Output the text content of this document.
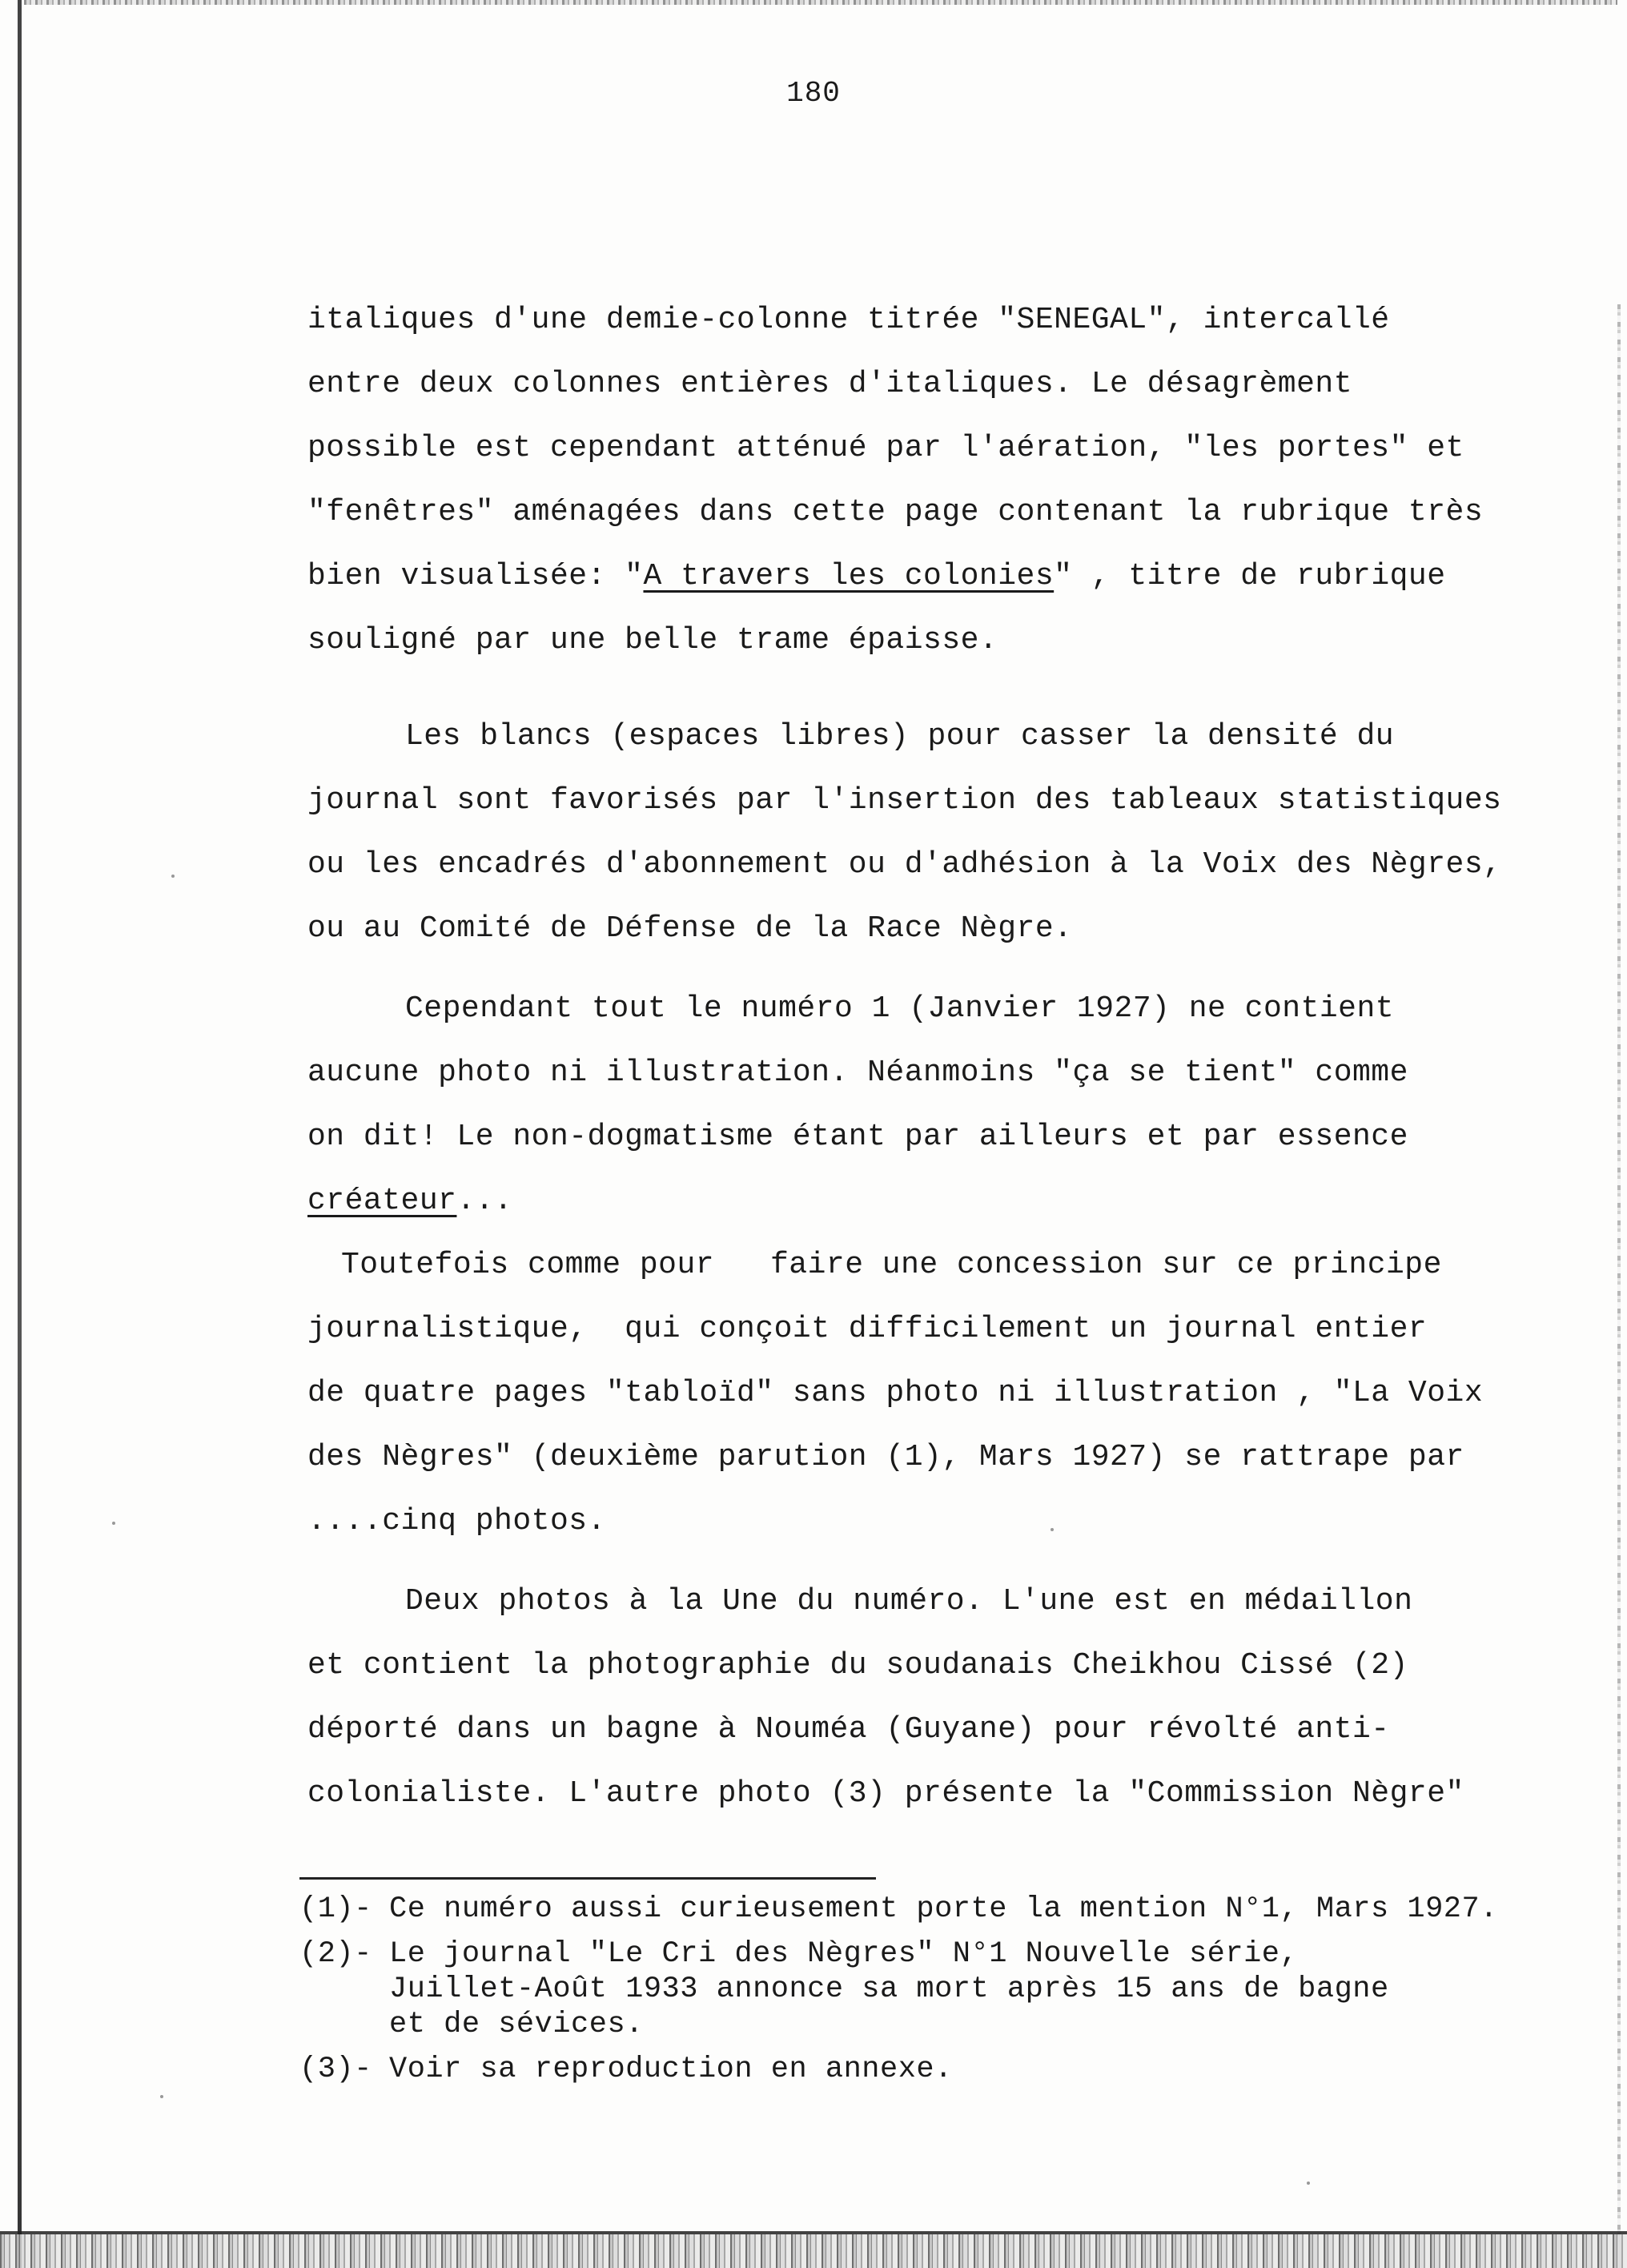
180
italiques d'une demie-colonne titrée "SENEGAL", intercallé
entre deux colonnes entières d'italiques. Le désagrèment
possible est cependant atténué par l'aération, "les portes" et
"fenêtres" aménagées dans cette page contenant la rubrique très
bien visualisée: "A travers les colonies" , titre de rubrique
souligné par une belle trame épaisse.
Les blancs (espaces libres) pour casser la densité du
journal sont favorisés par l'insertion des tableaux statistiques
ou les encadrés d'abonnement ou d'adhésion à la Voix des Nègres,
ou au Comité de Défense de la Race Nègre.
Cependant tout le numéro 1 (Janvier 1927) ne contient
aucune photo ni illustration. Néanmoins "ça se tient" comme
on dit! Le non-dogmatisme étant par ailleurs et par essence
créateur...
Toutefois comme pour   faire une concession sur ce principe
journalistique,  qui conçoit difficilement un journal entier
de quatre pages "tabloïd" sans photo ni illustration , "La Voix
des Nègres" (deuxième parution (1), Mars 1927) se rattrape par
....cinq photos.
Deux photos à la Une du numéro. L'une est en médaillon
et contient la photographie du soudanais Cheikhou Cissé (2)
déporté dans un bagne à Nouméa (Guyane) pour révolté anti-
colonialiste. L'autre photo (3) présente la "Commission Nègre"
(1)- Ce numéro aussi curieusement porte la mention N°1, Mars 1927.
(2)- Le journal "Le Cri des Nègres" N°1 Nouvelle série,
Juillet-Août 1933 annonce sa mort après 15 ans de bagne
et de sévices.
(3)- Voir sa reproduction en annexe.
